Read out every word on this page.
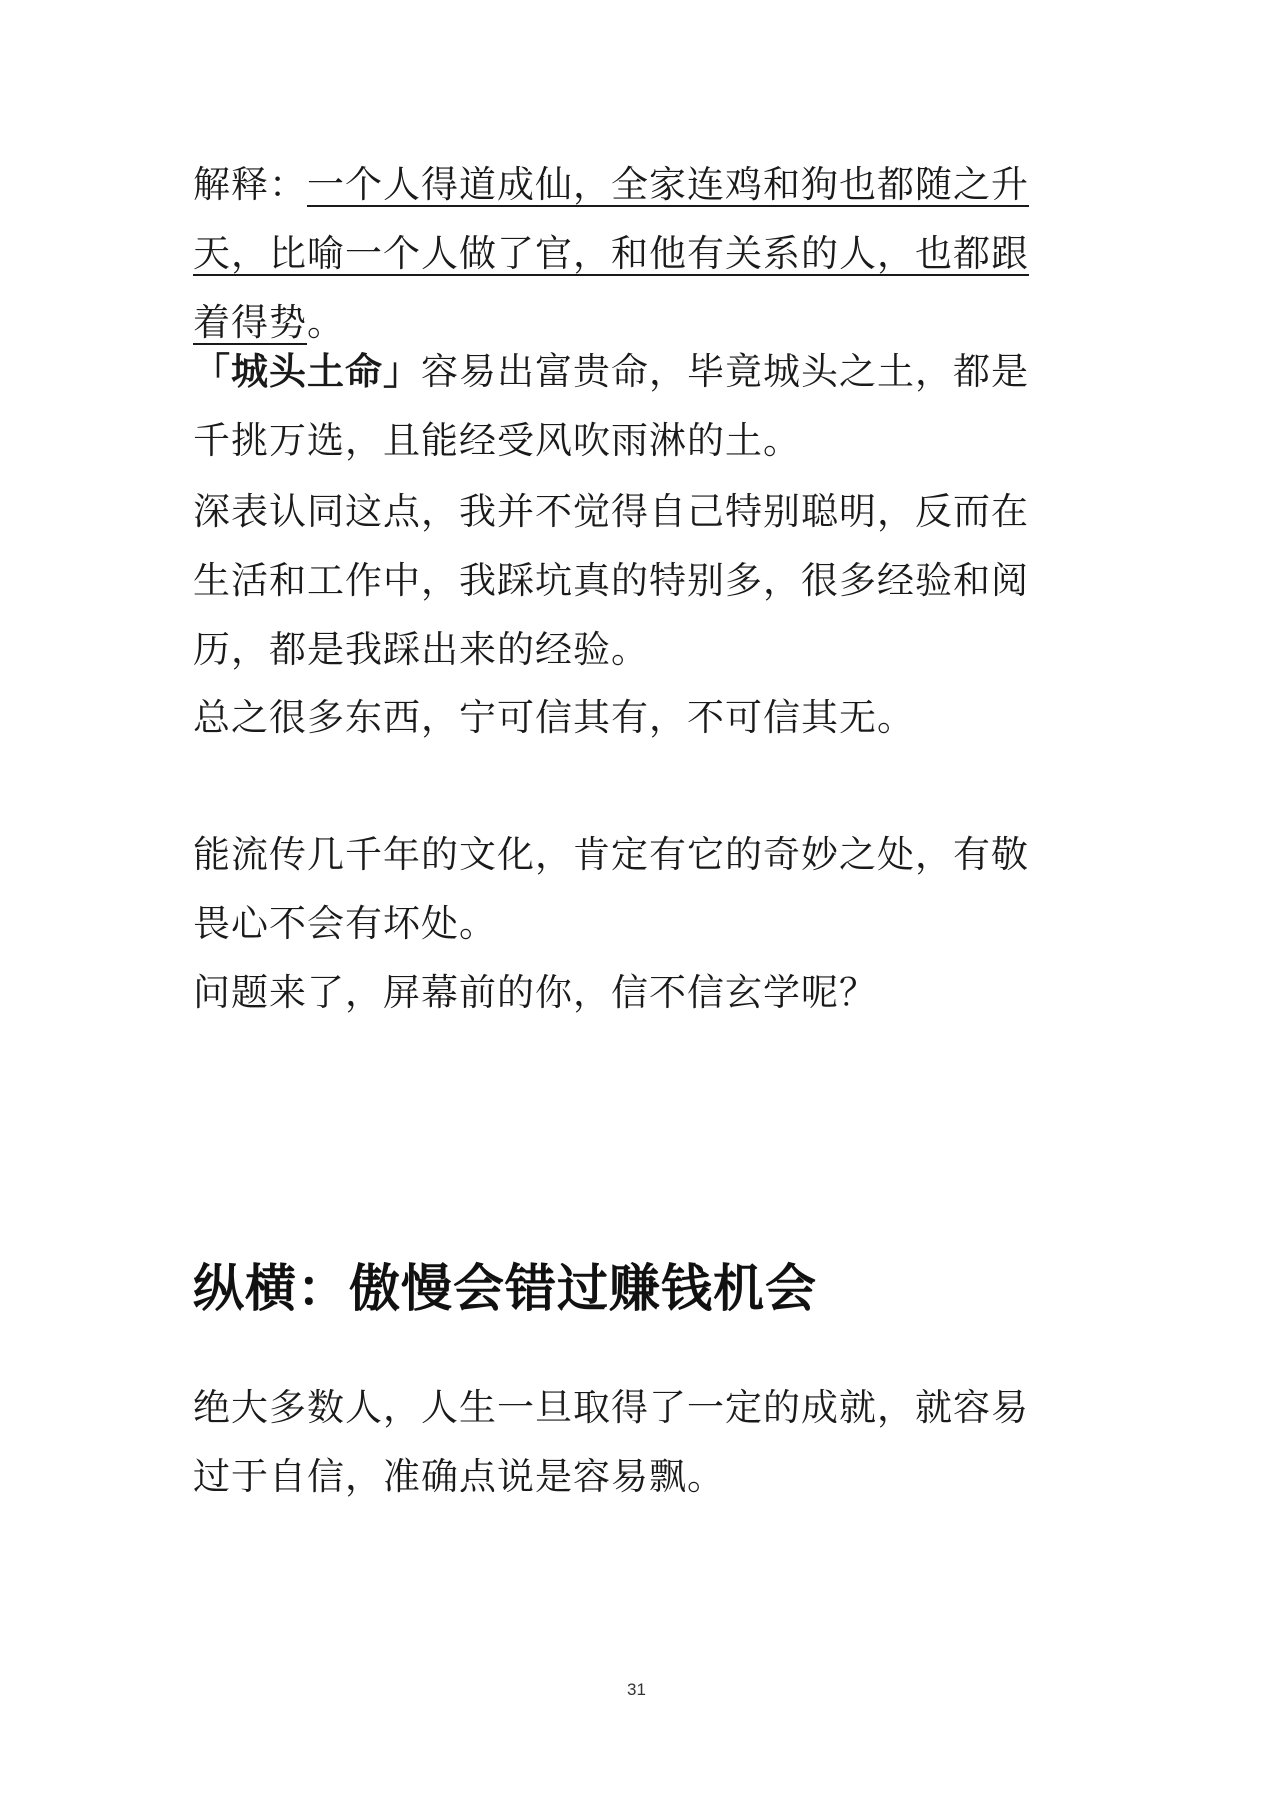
解释：一个人得道成仙，全家连鸡和狗也都随之升天，比喻一个人做了官，和他有关系的人，也都跟着得势。

「城头土命」容易出富贵命，毕竟城头之土，都是千挑万选，且能经受风吹雨淋的土。

深表认同这点，我并不觉得自己特别聪明，反而在生活和工作中，我踩坑真的特别多，很多经验和阅历，都是我踩出来的经验。

总之很多东西，宁可信其有，不可信其无。

能流传几千年的文化，肯定有它的奇妙之处，有敬畏心不会有坏处。

问题来了，屏幕前的你，信不信玄学呢？

纵横：傲慢会错过赚钱机会

绝大多数人，人生一旦取得了一定的成就，就容易过于自信，准确点说是容易飘。

31
